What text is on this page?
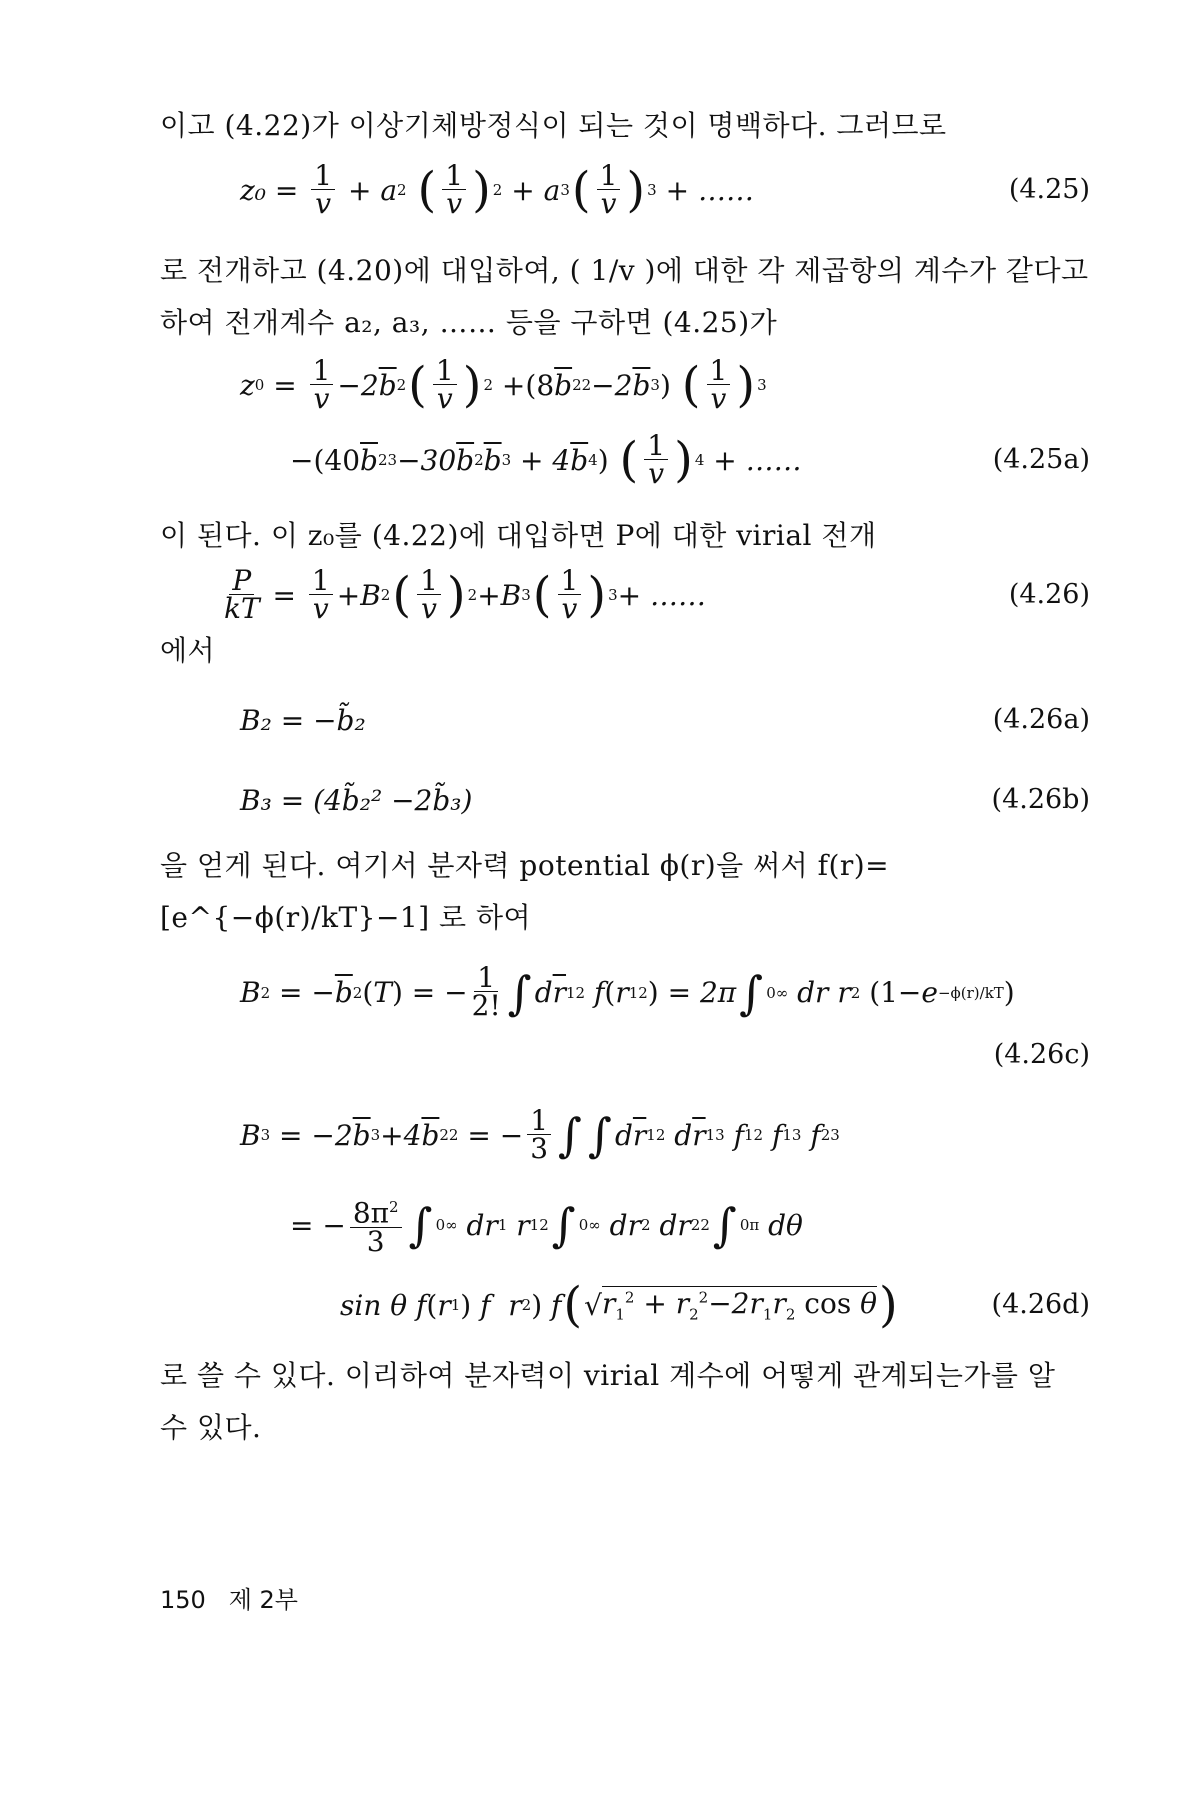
이고 (4.22)가 이상기체방정식이 되는 것이 명백하다. 그러므로
z₀ =
$\frac{1}{v} + a$ 2
( $\frac{1}{v}$ ) 2 + a 3 ( $\frac{1}{v}$ ) 3 + ……	(4.25)
로 전개하고 (4.20)에 대입하여, ( 1/v )에 대한 각 제곱항의 계수가 같다고 하여 전개계수 a₂, a₃, …… 등을 구하면 (4.25)가
z $0 = \frac{1}{v} -2$ $\overline{b}$ 2 ( $\frac{1}{v}$ ) 2 + (8 $\overline{b}$ 2 2 −2 $\overline{b}$ 3 )
( $\frac{1}{v}$ ) 3
− (40 $\overline{b}$ 2 3 −30 $\overline{b}$ 2 $\overline{b}$ 3 + 4 $\overline{b}$ 4 )
( $\frac{1}{v}$ ) 4 + ……	(4.25a)
이 된다. 이 z₀를 (4.22)에 대입하면 P에 대한 virial 전개
$\frac{P}{kT} = \frac{1}{v} +B$ 2 ( $\frac{1}{v}$ ) 2 +B 3 ( $\frac{1}{v}$ ) 3 + ……	(4.26)
에서
B₂ = −b̃₂	(4.26a)
B₃ = (4b̃₂² −2b̃₃)	(4.26b)
을 얻게 된다. 여기서 분자력 potential ϕ(r)을 써서 f(r)= [e^{−ϕ(r)/kT}−1] 로 하여
B 2 = − $\overline{b}$ 2 ( T ) = − $\frac{1}{2!}$ ∫ d $\overline{r}$ 12 f ( r 12 ) = 2π ∫ 0 ∞ dr r 2
(1− e −ϕ(r)/kT )
(4.26c)
B 3 = −2 $\overline{b}$ 3 +4 $\overline{b}$ 2 2 = − $\frac{1}{3}$ ∫ ∫ d $\overline{r}$ 12 d $\overline{r}$ 13 f 12 f 13 f 23
= − $\frac{8\pi^2}{3}$ ∫ 0 ∞ dr 1 r 1 2 ∫ 0 ∞ dr 2 dr 2 2 ∫ 0 π dθ
sin θ f ( r 1 ) f  r 2 ) f ( √ $r_1^2 + r_2^2-2r_1r_2$ cos θ )	(4.26d)
로 쓸 수 있다. 이리하여 분자력이 virial 계수에 어떻게 관계되는가를 알 수 있다.
150 제 2부
